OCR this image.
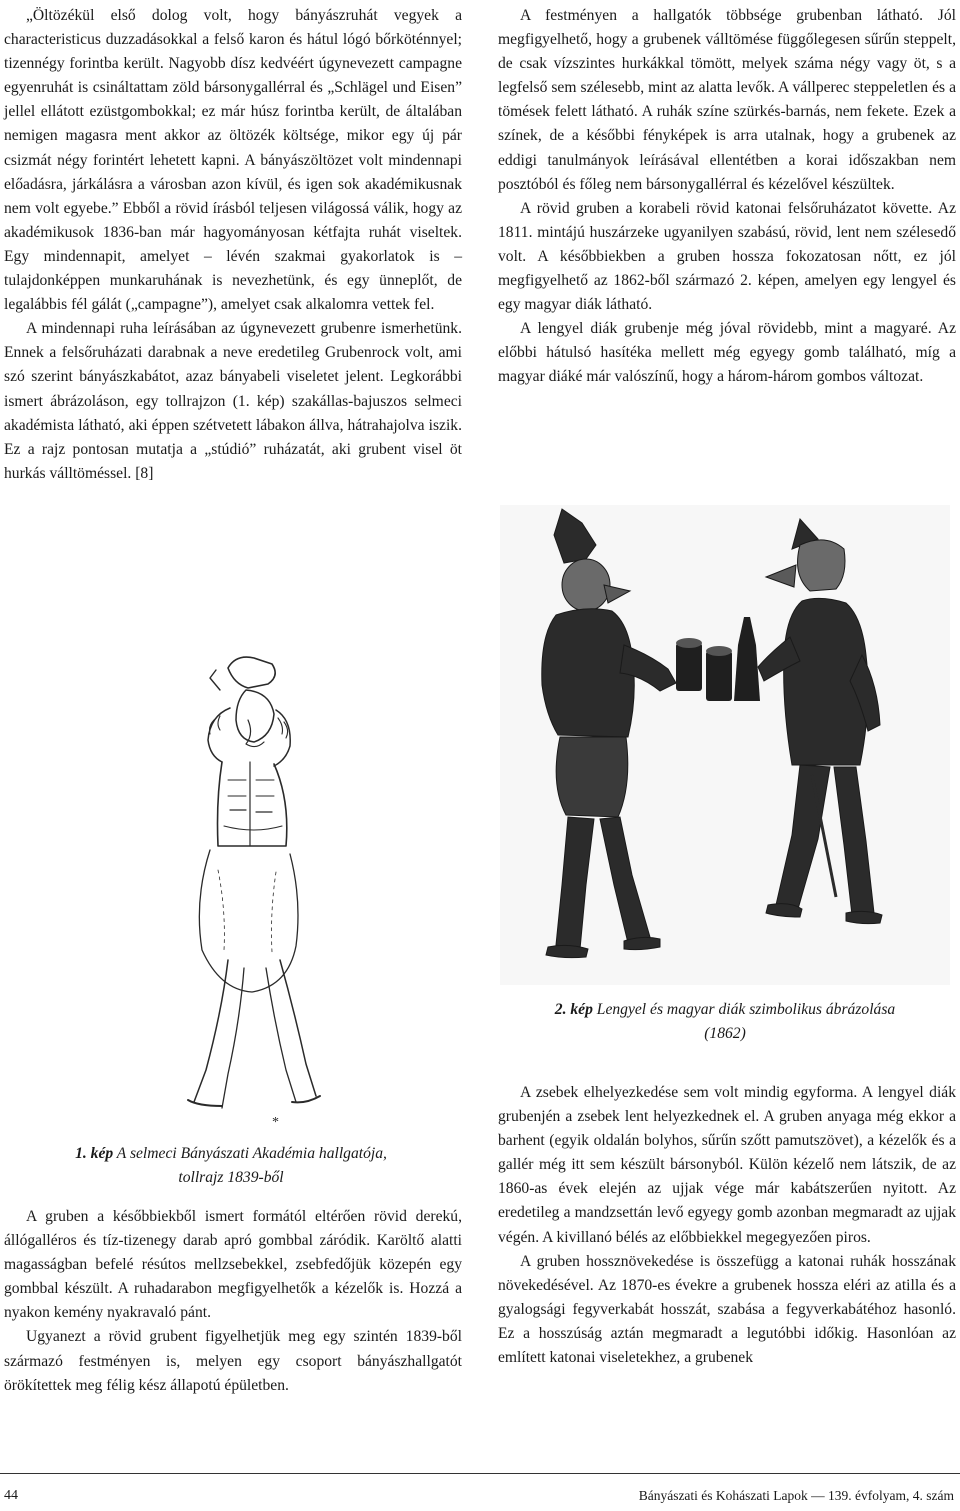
„Öltözékül első dolog volt, hogy bányászruhát vegyek a characteristicus duzzadásokkal a felső karon és hátul lógó bőrköténnyel; tizennégy forintba került. Nagyobb dísz kedvéért úgynevezett campagne egyenruhát is csináltattam zöld bársonygallérral és „Schlägel und Eisen” jellel ellátott ezüstgombokkal; ez már húsz forintba került, de általában nemigen magasra ment akkor az öltözék költsége, mikor egy új pár csizmát négy forintért lehetett kapni. A bányászöltözet volt mindennapi előadásra, járkálásra a városban azon kívül, és igen sok akadémikusnak nem volt egyebe.” Ebből a rövid írásból teljesen világossá válik, hogy az akadémikusok 1836-ban már hagyományosan kétfajta ruhát viseltek. Egy mindennapit, amelyet – lévén szakmai gyakorlatok is – tulajdonképpen munkaruhának is nevezhetünk, és egy ünneplőt, de legalábbis fél gálát („campagne”), amelyet csak alkalomra vettek fel.

A mindennapi ruha leírásában az úgynevezett grubenre ismerhetünk. Ennek a felsőruházati darabnak a neve eredetileg Grubenrock volt, ami szó szerint bányászkabátot, azaz bányabeli viseletet jelent. Legkorábbi ismert ábrázoláson, egy tollrajzon (1. kép) szakállas-bajuszos selmeci akadémista látható, aki éppen szétvetett lábakon állva, hátrahajolva iszik. Ez a rajz pontosan mutatja a „stúdió” ruházatát, aki grubent visel öt hurkás válltöméssel. [8]

*
1. kép A selmeci Bányászati Akadémia hallgatója,
tollrajz 1839-ből

A gruben a későbbiekből ismert formától eltérően rövid derekú, állógalléros és tíz-tizenegy darab apró gombbal záródik. Karöltő alatti magasságban befelé résútos mellzsebekkel, zsebfedőjük közepén egy gombbal készült. A ruhadarabon megfigyelhetők a kézelők is. Hozzá a nyakon kemény nyakravaló pánt.

Ugyanezt a rövid grubent figyelhetjük meg egy szintén 1839-ből származó festményen is, melyen egy csoport bányászhallgatót örökítettek meg félig kész állapotú épületben.

A festményen a hallgatók többsége grubenban látható. Jól megfigyelhető, hogy a grubenek válltömése függőlegesen sűrűn steppelt, de csak vízszintes hurkákkal tömött, melyek száma négy vagy öt, s a legfelső sem szélesebb, mint az alatta levők. A vállperec steppeletlen és a tömések felett látható. A ruhák színe szürkés-barnás, nem fekete. Ezek a színek, de a későbbi fényképek is arra utalnak, hogy a grubenek az eddigi tanulmányok leírásával ellentétben a korai időszakban nem posztóból és főleg nem bársonygallérral és kézelővel készültek.

A rövid gruben a korabeli rövid katonai felsőruházatot követte. Az 1811. mintájú huszárzeke ugyanilyen szabású, rövid, lent nem szélesedő volt. A későbbiekben a gruben hossza fokozatosan nőtt, ez jól megfigyelhető az 1862-ből származó 2. képen, amelyen egy lengyel és egy magyar diák látható.

A lengyel diák grubenje még jóval rövidebb, mint a magyaré. Az előbbi hátulsó hasítéka mellett még egyegy gomb található, míg a magyar diáké már valószínű, hogy a három-három gombos változat.

2. kép Lengyel és magyar diák szimbolikus ábrázolása
(1862)

A zsebek elhelyezkedése sem volt mindig egyforma. A lengyel diák grubenjén a zsebek lent helyezkednek el. A gruben anyaga még ekkor a barhent (egyik oldalán bolyhos, sűrűn szőtt pamutszövet), a kézelők és a gallér még itt sem készült bársonyból. Külön kézelő nem látszik, de az 1860-as évek elején az ujjak vége már kabátszerűen nyitott. Az eredetileg a mandzsettán levő egyegy gomb azonban megmaradt az ujjak végén. A kivillanó bélés az előbbiekkel megegyezően piros.

A gruben hossznövekedése is összefügg a katonai ruhák hosszának növekedésével. Az 1870-es évekre a grubenek hossza eléri az atilla és a gyalogsági fegyverkabát hosszát, szabása a fegyverkabátéhoz hasonló. Ez a hosszúság aztán megmaradt a legutóbbi időkig. Hasonlóan az említett katonai viseletekhez, a grubenek

44	Bányászati és Kohászati Lapok — 139. évfolyam, 4. szám
